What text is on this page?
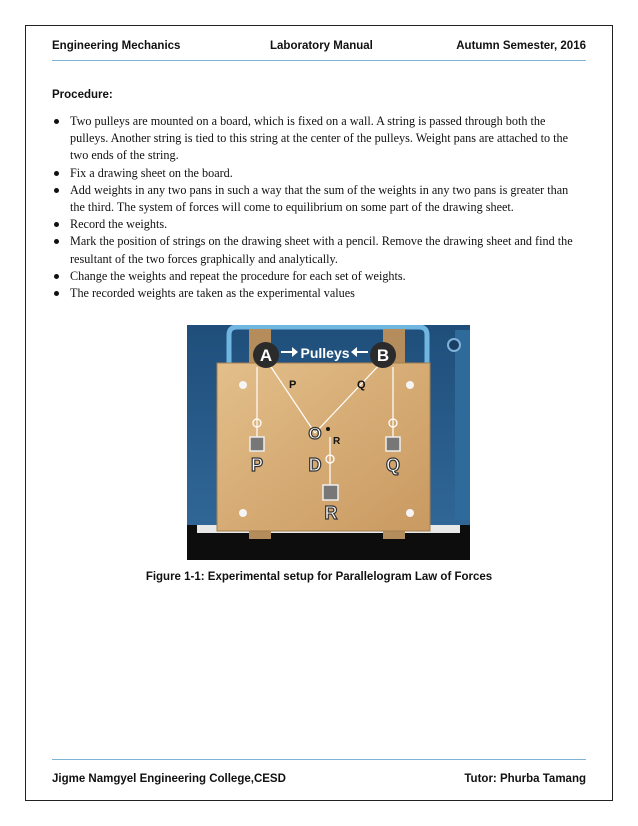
Engineering Mechanics	Laboratory Manual	Autumn Semester, 2016
Procedure:
Two pulleys are mounted on a board, which is fixed on a wall. A string is passed through both the pulleys. Another string is tied to this string at the center of the pulleys. Weight pans are attached to the two ends of the string.
Fix a drawing sheet on the board.
Add weights in any two pans in such a way that the sum of the weights in any two pans is greater than the third. The system of forces will come to equilibrium on some part of the drawing sheet.
Record the weights.
Mark the position of strings on the drawing sheet with a pencil. Remove the drawing sheet and find the resultant of the two forces graphically and analytically.
Change the weights and repeat the procedure for each set of weights.
The recorded weights are taken as the experimental values
A	B
Pulleys
P	Q
P	Q
O R
D
R
Figure 1-1: Experimental setup for Parallelogram Law of Forces
Jigme Namgyel Engineering College,CESD	Tutor: Phurba Tamang
